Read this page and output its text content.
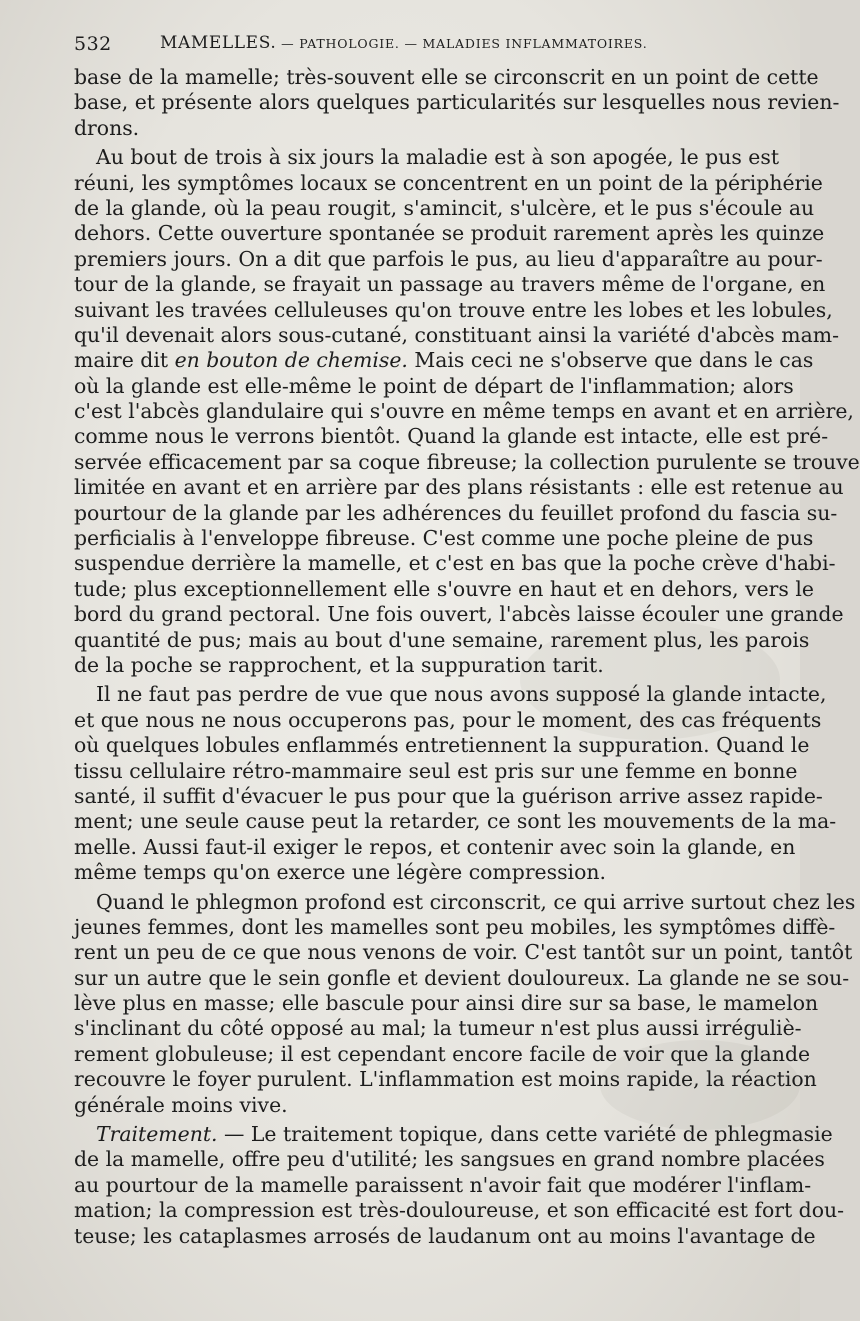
532	MAMELLES. — PATHOLOGIE. — MALADIES INFLAMMATOIRES.
base de la mamelle; très-souvent elle se circonscrit en un point de cette
base, et présente alors quelques particularités sur lesquelles nous revien-
drons.
Au bout de trois à six jours la maladie est à son apogée, le pus est
réuni, les symptômes locaux se concentrent en un point de la périphérie
de la glande, où la peau rougit, s'amincit, s'ulcère, et le pus s'écoule au
dehors. Cette ouverture spontanée se produit rarement après les quinze
premiers jours. On a dit que parfois le pus, au lieu d'apparaître au pour-
tour de la glande, se frayait un passage au travers même de l'organe, en
suivant les travées celluleuses qu'on trouve entre les lobes et les lobules,
qu'il devenait alors sous-cutané, constituant ainsi la variété d'abcès mam-
maire dit en bouton de chemise. Mais ceci ne s'observe que dans le cas
où la glande est elle-même le point de départ de l'inflammation; alors
c'est l'abcès glandulaire qui s'ouvre en même temps en avant et en arrière,
comme nous le verrons bientôt. Quand la glande est intacte, elle est pré-
servée efficacement par sa coque fibreuse; la collection purulente se trouve
limitée en avant et en arrière par des plans résistants : elle est retenue au
pourtour de la glande par les adhérences du feuillet profond du fascia su-
perficialis à l'enveloppe fibreuse. C'est comme une poche pleine de pus
suspendue derrière la mamelle, et c'est en bas que la poche crève d'habi-
tude; plus exceptionnellement elle s'ouvre en haut et en dehors, vers le
bord du grand pectoral. Une fois ouvert, l'abcès laisse écouler une grande
quantité de pus; mais au bout d'une semaine, rarement plus, les parois
de la poche se rapprochent, et la suppuration tarit.
Il ne faut pas perdre de vue que nous avons supposé la glande intacte,
et que nous ne nous occuperons pas, pour le moment, des cas fréquents
où quelques lobules enflammés entretiennent la suppuration. Quand le
tissu cellulaire rétro-mammaire seul est pris sur une femme en bonne
santé, il suffit d'évacuer le pus pour que la guérison arrive assez rapide-
ment; une seule cause peut la retarder, ce sont les mouvements de la ma-
melle. Aussi faut-il exiger le repos, et contenir avec soin la glande, en
même temps qu'on exerce une légère compression.
Quand le phlegmon profond est circonscrit, ce qui arrive surtout chez les
jeunes femmes, dont les mamelles sont peu mobiles, les symptômes diffè-
rent un peu de ce que nous venons de voir. C'est tantôt sur un point, tantôt
sur un autre que le sein gonfle et devient douloureux. La glande ne se sou-
lève plus en masse; elle bascule pour ainsi dire sur sa base, le mamelon
s'inclinant du côté opposé au mal; la tumeur n'est plus aussi irréguliè-
rement globuleuse; il est cependant encore facile de voir que la glande
recouvre le foyer purulent. L'inflammation est moins rapide, la réaction
générale moins vive.
Traitement. — Le traitement topique, dans cette variété de phlegmasie
de la mamelle, offre peu d'utilité; les sangsues en grand nombre placées
au pourtour de la mamelle paraissent n'avoir fait que modérer l'inflam-
mation; la compression est très-douloureuse, et son efficacité est fort dou-
teuse; les cataplasmes arrosés de laudanum ont au moins l'avantage de
